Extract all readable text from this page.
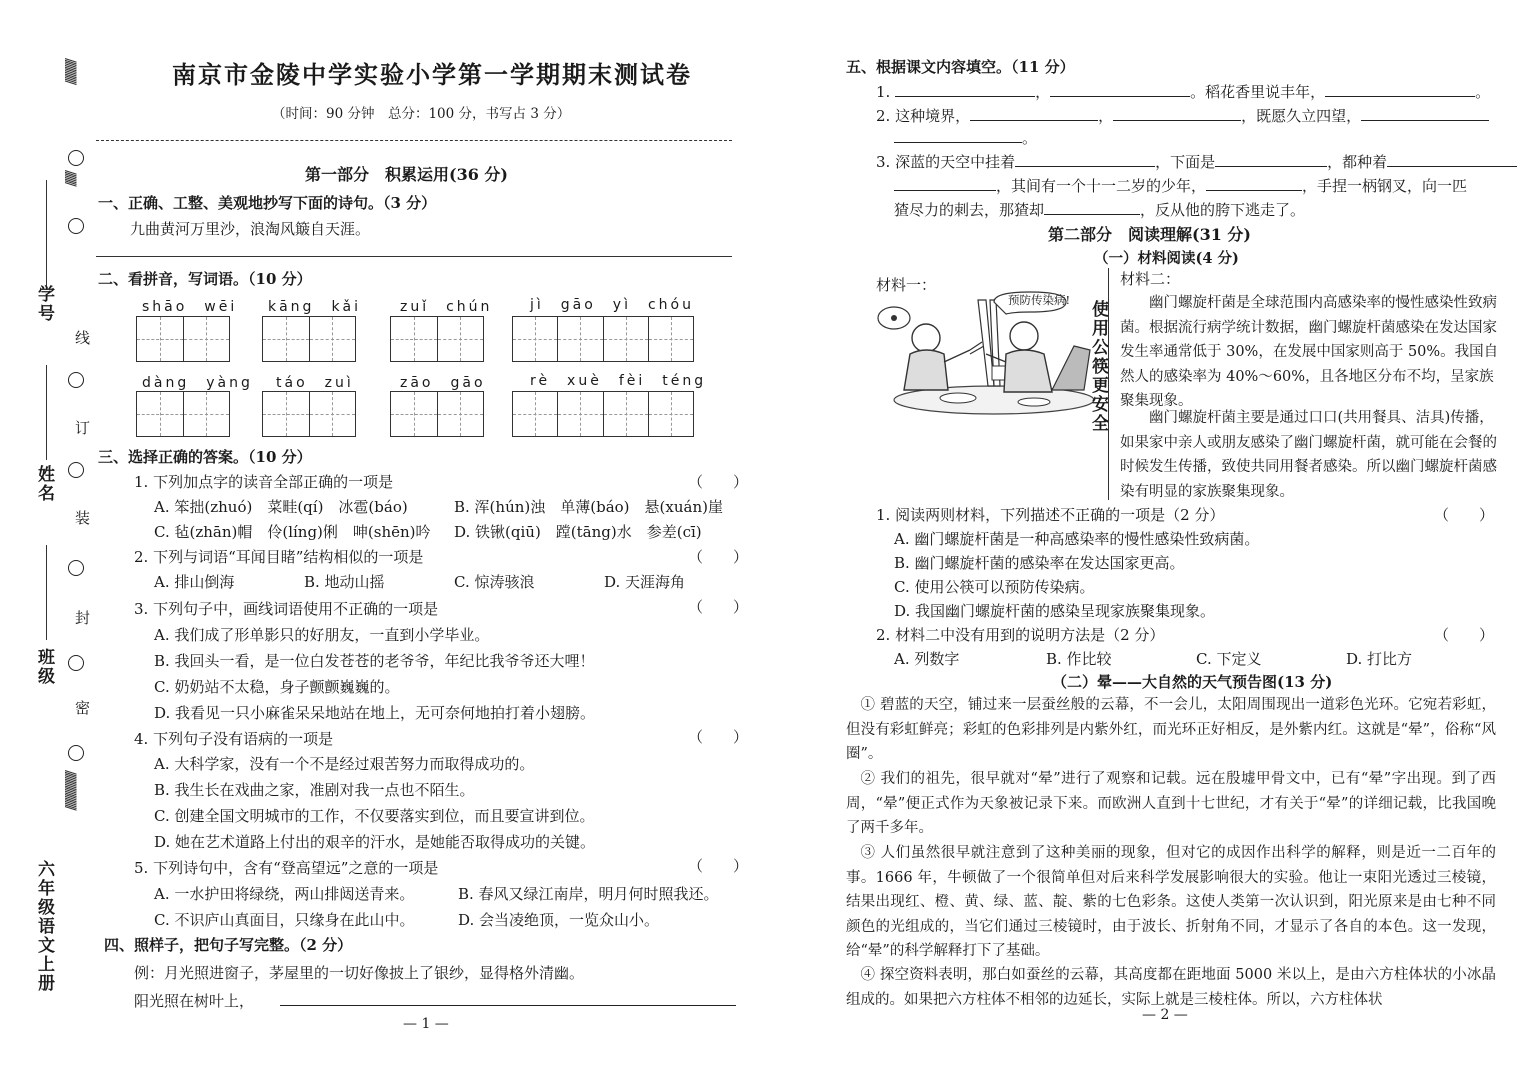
//////////////
////////
学号
线
订
姓名
装
封
班级
密
//////////////////////
六年级语文上册
南京市金陵中学实验小学第一学期期末测试卷
（时间：90 分钟　总分：100 分，书写占 3 分）
第一部分　积累运用(36 分)
一、正确、工整、美观地抄写下面的诗句。（3 分）
九曲黄河万里沙，浪淘风簸自天涯。
二、看拼音，写词语。（10 分）
shāo　wēi kāng　kǎi	zuǐ　chún	jì　gāo　yì　chóu
dàng　yàng táo　zuì	zāo　gāo	rè　xuè　fèi　téng
三、选择正确的答案。（10 分）
1. 下列加点字的读音全部正确的一项是	（　　）
A. 笨拙(zhuó)　菜畦(qí)　冰雹(báo)	B. 浑(hún)浊　单薄(báo)　悬(xuán)崖
C. 毡(zhān)帽　伶(líng)俐　呻(shēn)吟 D. 铁锹(qiū)　蹚(tāng)水　参差(cī)
2. 下列与词语“耳闻目睹”结构相似的一项是	（　　）
A. 排山倒海	B. 地动山摇	C. 惊涛骇浪	D. 天涯海角
3. 下列句子中，画线词语使用不正确的一项是	（　　）
A. 我们成了形单影只的好朋友，一直到小学毕业。
B. 我回头一看，是一位白发苍苍的老爷爷，年纪比我爷爷还大哩！
C. 奶奶站不太稳，身子颤颤巍巍的。
D. 我看见一只小麻雀呆呆地站在地上，无可奈何地拍打着小翅膀。
4. 下列句子没有语病的一项是	（　　）
A. 大科学家，没有一个不是经过艰苦努力而取得成功的。
B. 我生长在戏曲之家，准剧对我一点也不陌生。
C. 创建全国文明城市的工作，不仅要落实到位，而且要宣讲到位。
D. 她在艺术道路上付出的艰辛的汗水，是她能否取得成功的关键。
5. 下列诗句中，含有“登高望远”之意的一项是	（　　）
A. 一水护田将绿绕，两山排闼送青来。	B. 春风又绿江南岸，明月何时照我还。
C. 不识庐山真面目，只缘身在此山中。	D. 会当凌绝顶，一览众山小。
四、照样子，把句子写完整。（2 分）
例：月光照进窗子，茅屋里的一切好像披上了银纱，显得格外清幽。
阳光照在树叶上，
— 1 —
五、根据课文内容填空。（11 分）
1.	，	。稻花香里说丰年，	。
2. 这种境界，	，	，既愿久立四望，
。
3. 深蓝的天空中挂着	，下面是	，都种着
，其间有一个十一二岁的少年，	，手捏一柄钢叉，向一匹
猹尽力的刺去，那猹却	，反从他的胯下逃走了。
第二部分　阅读理解(31 分)
（一）材料阅读(4 分)
材料一：
预防传染病! 使用公筷更安全
材料二：
幽门螺旋杆菌是全球范围内高感染率的慢性感染性致病菌。根据流行病学统计数据，幽门螺旋杆菌感染在发达国家发生率通常低于 30%，在发展中国家则高于 50%。我国自然人的感染率为 40%～60%，且各地区分布不均，呈家族聚集现象。
幽门螺旋杆菌主要是通过口口(共用餐具、洁具)传播，如果家中亲人或朋友感染了幽门螺旋杆菌，就可能在会餐的时候发生传播，致使共同用餐者感染。所以幽门螺旋杆菌感染有明显的家族聚集现象。
1. 阅读两则材料，下列描述不正确的一项是（2 分）	（　　）
A. 幽门螺旋杆菌是一种高感染率的慢性感染性致病菌。
B. 幽门螺旋杆菌的感染率在发达国家更高。
C. 使用公筷可以预防传染病。
D. 我国幽门螺旋杆菌的感染呈现家族聚集现象。
2. 材料二中没有用到的说明方法是（2 分）	（　　）
A. 列数字	B. 作比较	C. 下定义	D. 打比方
（二）晕——大自然的天气预告图(13 分)
① 碧蓝的天空，铺过来一层蚕丝般的云幕，不一会儿，太阳周围现出一道彩色光环。它宛若彩虹，但没有彩虹鲜亮；彩虹的色彩排列是内紫外红，而光环正好相反，是外紫内红。这就是“晕”，俗称“风圈”。
② 我们的祖先，很早就对“晕”进行了观察和记载。远在殷墟甲骨文中，已有“晕”字出现。到了西周，“晕”便正式作为天象被记录下来。而欧洲人直到十七世纪，才有关于“晕”的详细记载，比我国晚了两千多年。
③ 人们虽然很早就注意到了这种美丽的现象，但对它的成因作出科学的解释，则是近一二百年的事。1666 年，牛顿做了一个很简单但对后来科学发展影响很大的实验。他让一束阳光透过三棱镜，结果出现红、橙、黄、绿、蓝、靛、紫的七色彩条。这使人类第一次认识到，阳光原来是由七种不同颜色的光组成的，当它们通过三棱镜时，由于波长、折射角不同，才显示了各自的本色。这一发现，给“晕”的科学解释打下了基础。
④ 探空资料表明，那白如蚕丝的云幕，其高度都在距地面 5000 米以上，是由六方柱体状的小冰晶组成的。如果把六方柱体不相邻的边延长，实际上就是三棱柱体。所以，六方柱体状
— 2 —
